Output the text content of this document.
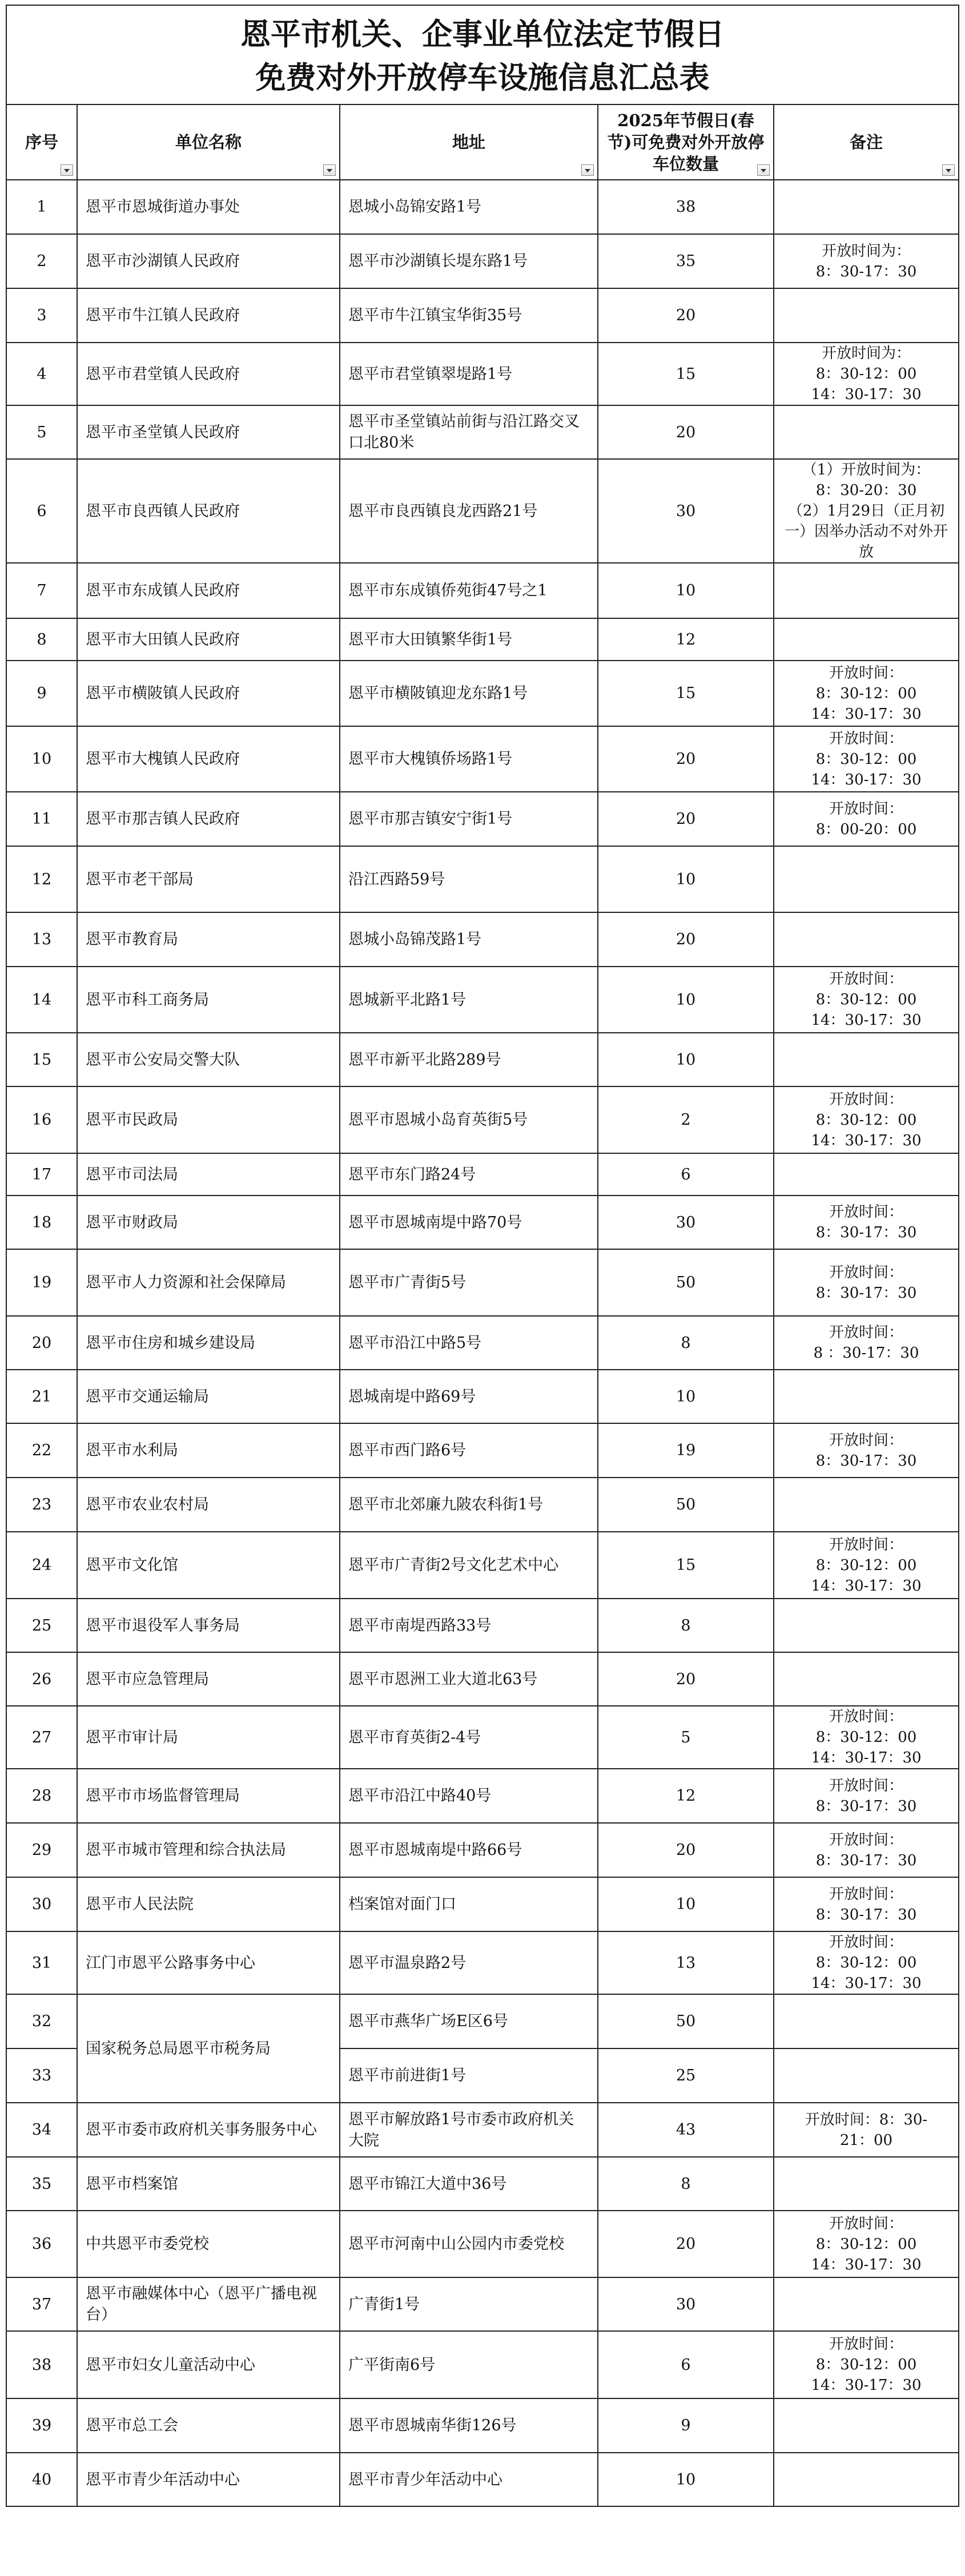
恩平市机关、企事业单位法定节假日
免费对外开放停车设施信息汇总表				

序号	单位名称	地址	2025年节假日(春节)可免费对外开放停车位数量	备注

1	恩平市恩城街道办事处	恩城小岛锦安路1号	38	
2	恩平市沙湖镇人民政府	恩平市沙湖镇长堤东路1号	35	开放时间为：
8：30-17：30
3	恩平市牛江镇人民政府	恩平市牛江镇宝华街35号	20	
4	恩平市君堂镇人民政府	恩平市君堂镇翠堤路1号	15	开放时间为：
8：30-12：00
14：30-17：30
5	恩平市圣堂镇人民政府	恩平市圣堂镇站前街与沿江路交叉口北80米	20	
6	恩平市良西镇人民政府	恩平市良西镇良龙西路21号	30	（1）开放时间为：
8：30-20：30
（2）1月29日（正月初一）因举办活动不对外开放
7	恩平市东成镇人民政府	恩平市东成镇侨苑街47号之1	10	
8	恩平市大田镇人民政府	恩平市大田镇繁华街1号	12	
9	恩平市横陂镇人民政府	恩平市横陂镇迎龙东路1号	15	开放时间：
8：30-12：00
14：30-17：30
10	恩平市大槐镇人民政府	恩平市大槐镇侨场路1号	20	开放时间：
8：30-12：00
14：30-17：30
11	恩平市那吉镇人民政府	恩平市那吉镇安宁街1号	20	开放时间：
8：00-20：00
12	恩平市老干部局	沿江西路59号	10	
13	恩平市教育局	恩城小岛锦茂路1号	20	
14	恩平市科工商务局	恩城新平北路1号	10	开放时间：
8：30-12：00
14：30-17：30
15	恩平市公安局交警大队	恩平市新平北路289号	10	
16	恩平市民政局	恩平市恩城小岛育英街5号	2	开放时间：
8：30-12：00
14：30-17：30
17	恩平市司法局	恩平市东门路24号	6	
18	恩平市财政局	恩平市恩城南堤中路70号	30	开放时间：
8：30-17：30
19	恩平市人力资源和社会保障局	恩平市广青街5号	50	开放时间：
8：30-17：30
20	恩平市住房和城乡建设局	恩平市沿江中路5号	8	开放时间：
8 ：30-17：30
21	恩平市交通运输局	恩城南堤中路69号	10	
22	恩平市水利局	恩平市西门路6号	19	开放时间：
8：30-17：30
23	恩平市农业农村局	恩平市北郊廉九陂农科街1号	50	
24	恩平市文化馆	恩平市广青街2号文化艺术中心	15	开放时间：
8：30-12：00
14：30-17：30
25	恩平市退役军人事务局	恩平市南堤西路33号	8	
26	恩平市应急管理局	恩平市恩洲工业大道北63号	20	
27	恩平市审计局	恩平市育英街2-4号	5	开放时间：
8：30-12：00
14：30-17：30
28	恩平市市场监督管理局	恩平市沿江中路40号	12	开放时间：
8：30-17：30
29	恩平市城市管理和综合执法局	恩平市恩城南堤中路66号	20	开放时间：
8：30-17：30
30	恩平市人民法院	档案馆对面门口	10	开放时间：
8：30-17：30
31	江门市恩平公路事务中心	恩平市温泉路2号	13	开放时间：
8：30-12：00
14：30-17：30
32	国家税务总局恩平市税务局	恩平市燕华广场E区6号	50	
33		恩平市前进街1号	25	
34	恩平市委市政府机关事务服务中心	恩平市解放路1号市委市政府机关大院	43	开放时间：8：30-
21：00
35	恩平市档案馆	恩平市锦江大道中36号	8	
36	中共恩平市委党校	恩平市河南中山公园内市委党校	20	开放时间：
8：30-12：00
14：30-17：30
37	恩平市融媒体中心（恩平广播电视台）	广青街1号	30	
38	恩平市妇女儿童活动中心	广平街南6号	6	开放时间：
8：30-12：00
14：30-17：30
39	恩平市总工会	恩平市恩城南华街126号	9	
40	恩平市青少年活动中心	恩平市青少年活动中心	10	
